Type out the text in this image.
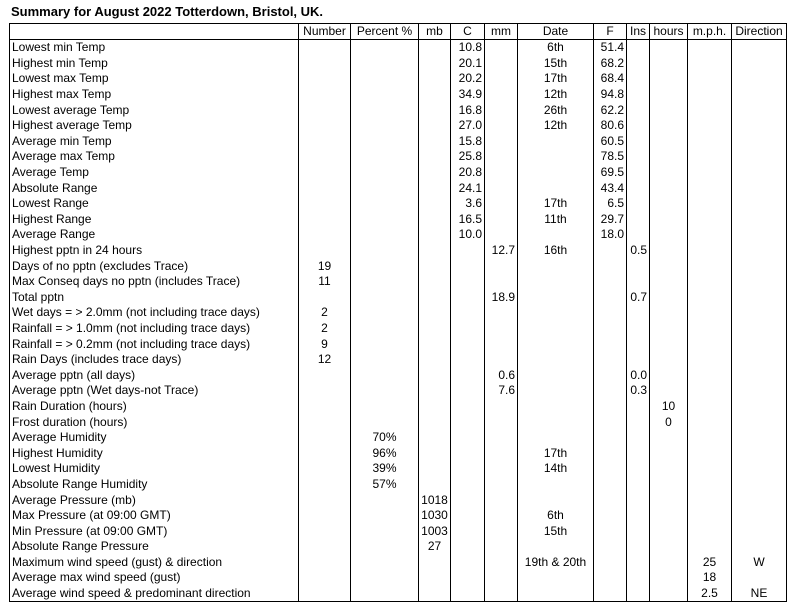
Summary for August 2022 Totterdown, Bristol, UK.
	Number	Percent %	mb	C	mm	Date	F	Ins	hours	m.p.h.	Direction
Lowest min Temp				10.8		6th	51.4				
Highest min Temp				20.1		15th	68.2				
Lowest max Temp				20.2		17th	68.4				
Highest max Temp				34.9		12th	94.8				
Lowest average Temp				16.8		26th	62.2				
Highest average Temp				27.0		12th	80.6				
Average min Temp				15.8			60.5				
Average max Temp				25.8			78.5				
Average Temp				20.8			69.5				
Absolute Range				24.1			43.4				
Lowest Range				3.6		17th	6.5				
Highest Range				16.5		11th	29.7				
Average Range				10.0			18.0				
Highest pptn in 24 hours					12.7	16th		0.5			
Days of no pptn (excludes Trace)	19										
Max Conseq days no pptn (includes Trace)	11										
Total pptn					18.9			0.7			
Wet days = > 2.0mm (not including trace days)	2										
Rainfall = > 1.0mm (not including trace days)	2										
Rainfall = > 0.2mm (not including trace days)	9										
Rain Days (includes trace days)	12										
Average pptn (all days)					0.6			0.0			
Average pptn (Wet days-not Trace)					7.6			0.3			
Rain Duration (hours)									10		
Frost duration (hours)									0		
Average Humidity		70%									
Highest Humidity		96%				17th					
Lowest Humidity		39%				14th					
Absolute Range Humidity		57%									
Average Pressure (mb)			1018								
Max Pressure (at 09:00 GMT)			1030			6th					
Min Pressure (at 09:00 GMT)			1003			15th					
Absolute Range Pressure			27								
Maximum wind speed (gust) & direction						19th & 20th				25	W
Average max wind speed (gust)										18	
Average wind speed & predominant direction										2.5	NE
